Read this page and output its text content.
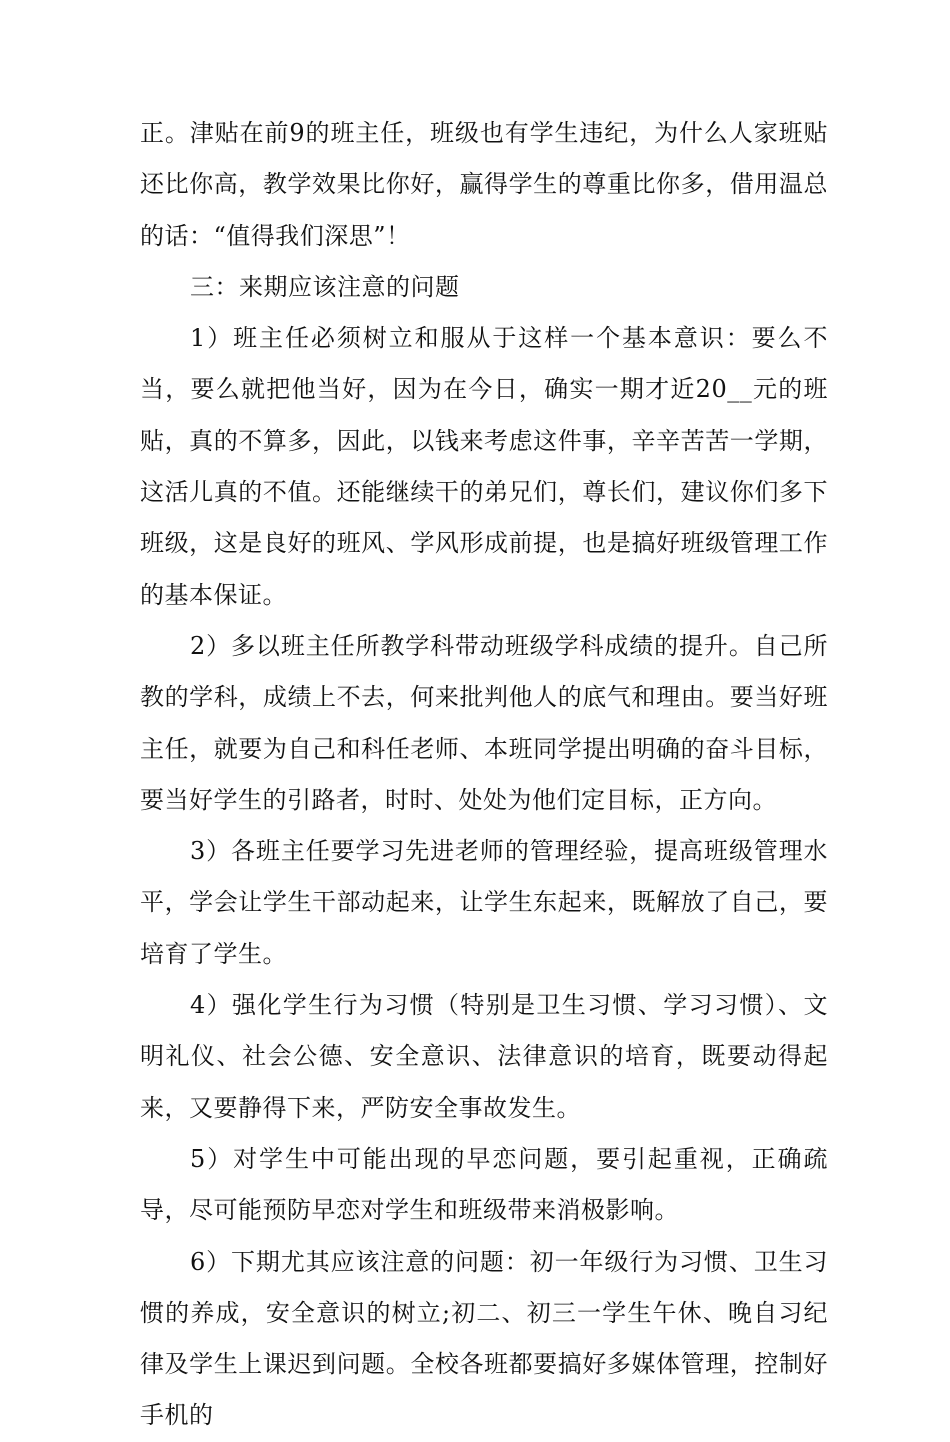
正。津贴在前9的班主任，班级也有学生违纪，为什么人家班贴还比你高，教学效果比你好，赢得学生的尊重比你多，借用温总的话：“值得我们深思”！

三：来期应该注意的问题

1）班主任必须树立和服从于这样一个基本意识：要么不当，要么就把他当好，因为在今日，确实一期才近20__元的班贴，真的不算多，因此，以钱来考虑这件事，辛辛苦苦一学期，这活儿真的不值。还能继续干的弟兄们，尊长们，建议你们多下班级，这是良好的班风、学风形成前提，也是搞好班级管理工作的基本保证。

2）多以班主任所教学科带动班级学科成绩的提升。自己所教的学科，成绩上不去，何来批判他人的底气和理由。要当好班主任，就要为自己和科任老师、本班同学提出明确的奋斗目标，要当好学生的引路者，时时、处处为他们定目标，正方向。

3）各班主任要学习先进老师的管理经验，提高班级管理水平，学会让学生干部动起来，让学生东起来，既解放了自己，要培育了学生。

4）强化学生行为习惯（特别是卫生习惯、学习习惯）、文明礼仪、社会公德、安全意识、法律意识的培育，既要动得起来，又要静得下来，严防安全事故发生。

5）对学生中可能出现的早恋问题，要引起重视，正确疏导，尽可能预防早恋对学生和班级带来消极影响。

6）下期尤其应该注意的问题：初一年级行为习惯、卫生习惯的养成，安全意识的树立;初二、初三一学生午休、晚自习纪律及学生上课迟到问题。全校各班都要搞好多媒体管理，控制好手机的
